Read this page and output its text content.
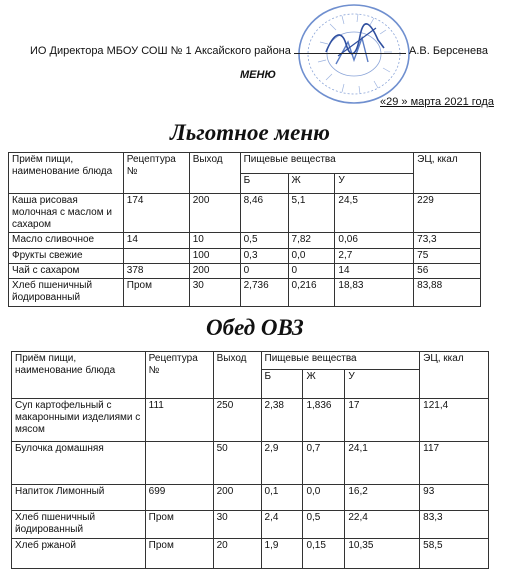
ИО Директора МБОУ СОШ № 1 Аксайского района	А.В. Берсенева
МЕНЮ
«29 » марта 2021 года
Льготное меню
Приём пищи, наименование блюда	Рецептура №	Выход	Пищевые вещества			ЭЦ, ккал
			Б	Ж	У	
Каша рисовая молочная с маслом и сахаром	174	200	8,46	5,1	24,5	229
Масло сливочное	14	10	0,5	7,82	0,06	73,3
Фрукты свежие		100	0,3	0,0	2,7	75
Чай с сахаром	378	200	0	0	14	56
Хлеб пшеничный йодированный	Пром	30	2,736	0,216	18,83	83,88
Обед ОВЗ
Приём пищи, наименование блюда	Рецептура №	Выход	Пищевые вещества			ЭЦ, ккал
			Б	Ж	У	
Суп картофельный с макаронными изделиями с мясом	111	250	2,38	1,836	17	121,4
Булочка домашняя		50	2,9	0,7	24,1	117
Напиток Лимонный	699	200	0,1	0,0	16,2	93
Хлеб пшеничный йодированный	Пром	30	2,4	0,5	22,4	83,3
Хлеб ржаной	Пром	20	1,9	0,15	10,35	58,5
